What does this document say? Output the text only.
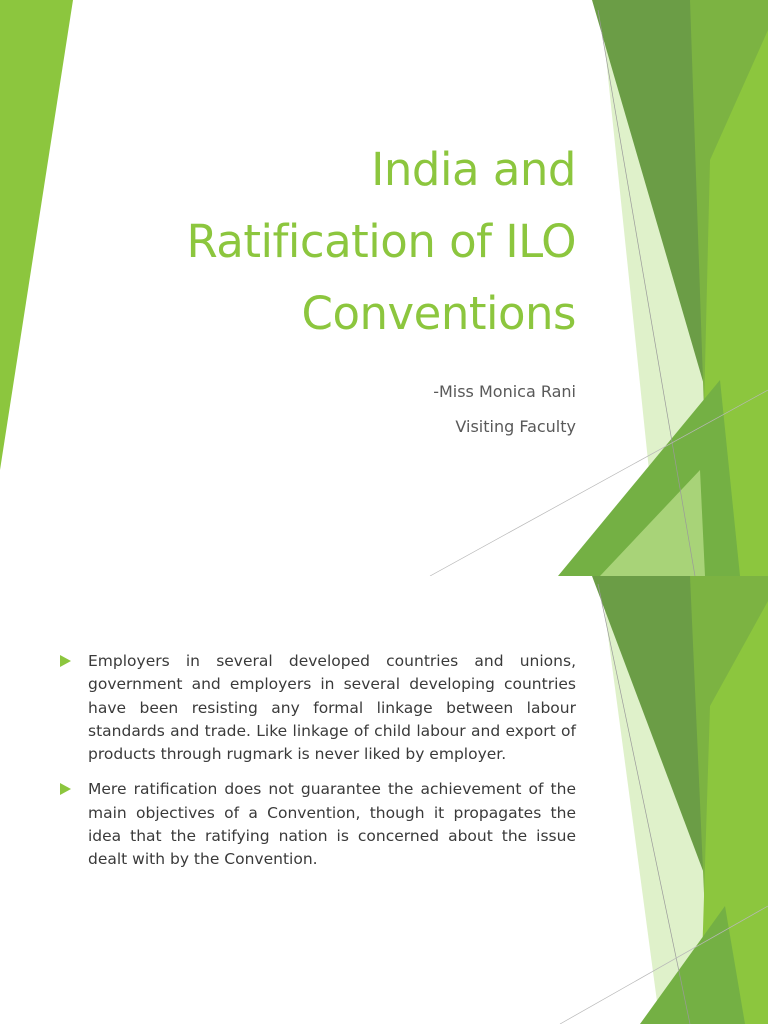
India and
Ratification of ILO
Conventions
-Miss Monica Rani
Visiting Faculty
Employers in several developed countries and unions, government and employers in several developing countries have been resisting any formal linkage between labour standards and trade. Like linkage of child labour and export of products through rugmark is never liked by employer.
Mere ratification does not guarantee the achievement of the main objectives of a Convention, though it propagates the idea that the ratifying nation is concerned about the issue dealt with by the Convention.
